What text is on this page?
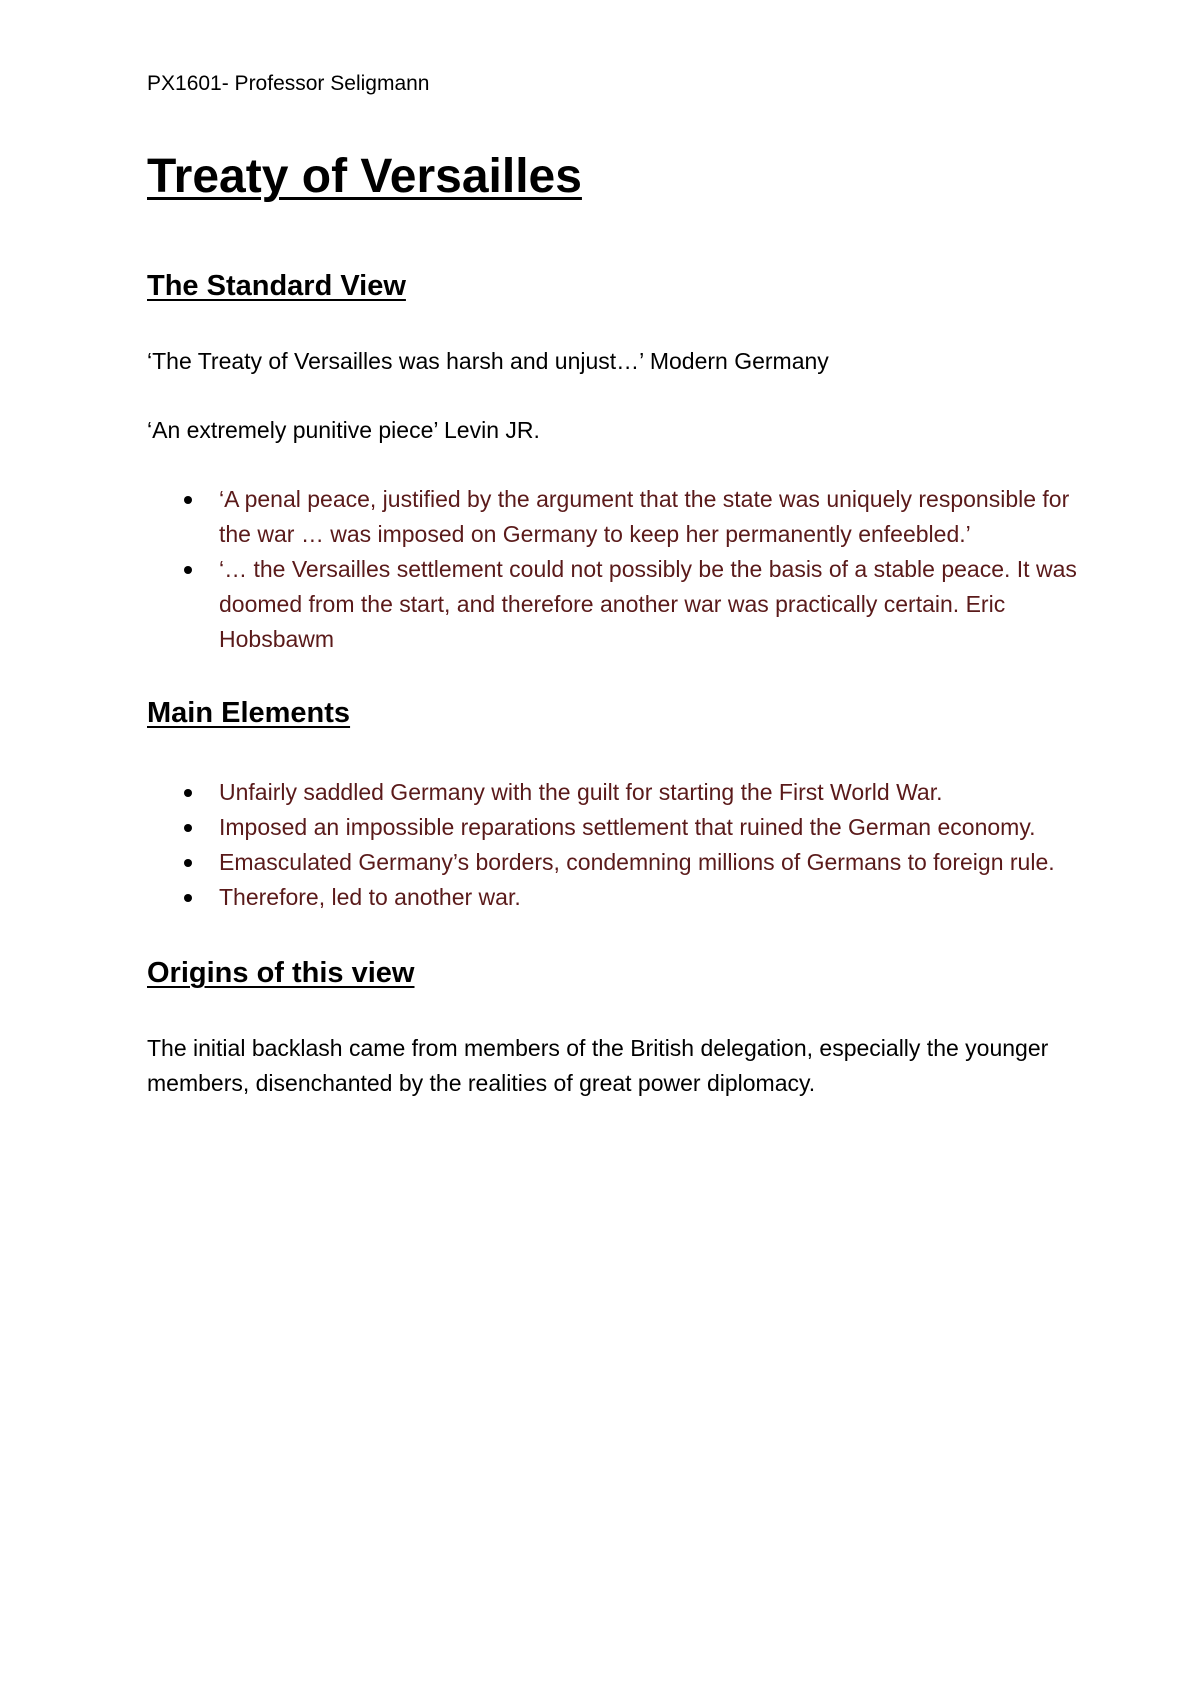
PX1601- Professor Seligmann

Treaty of Versailles
The Standard View

‘The Treaty of Versailles was harsh and unjust…’ Modern Germany

‘An extremely punitive piece’ Levin JR.

‘A penal peace, justified by the argument that the state was uniquely responsible for the war … was imposed on Germany to keep her permanently enfeebled.’
‘… the Versailles settlement could not possibly be the basis of a stable peace. It was doomed from the start, and therefore another war was practically certain. Eric Hobsbawm
Main Elements
Unfairly saddled Germany with the guilt for starting the First World War.
Imposed an impossible reparations settlement that ruined the German economy.
Emasculated Germany’s borders, condemning millions of Germans to foreign rule.
Therefore, led to another war.
Origins of this view

The initial backlash came from members of the British delegation, especially the younger members, disenchanted by the realities of great power diplomacy.
